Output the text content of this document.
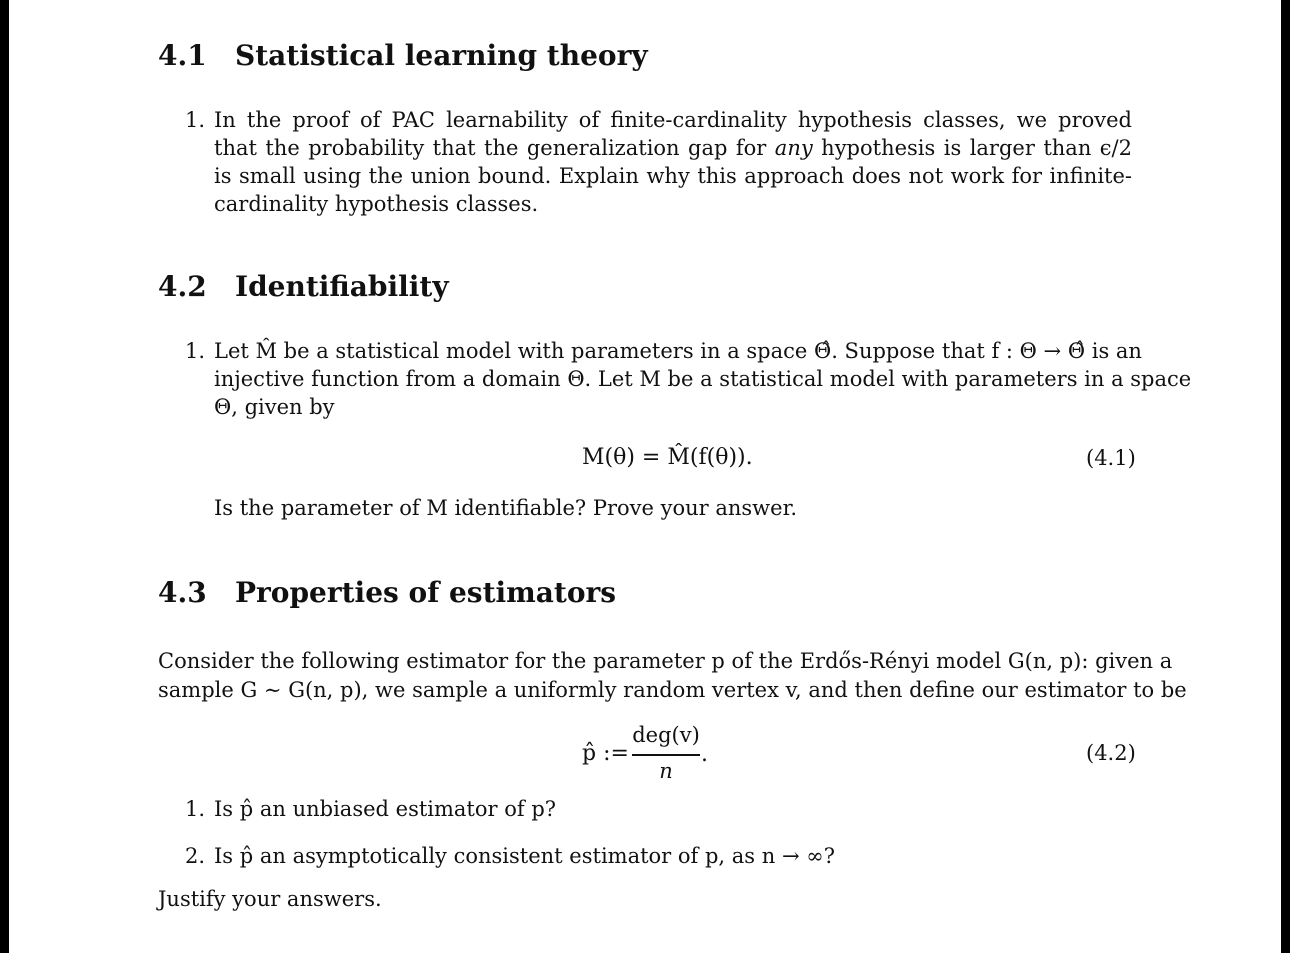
4.1 Statistical learning theory
1. In the proof of PAC learnability of finite-cardinality hypothesis classes, we proved that the probability that the generalization gap for any hypothesis is larger than ϵ/2 is small using the union bound. Explain why this approach does not work for infinite-cardinality hypothesis classes.
4.2 Identifiability
1. Let M̂ be a statistical model with parameters in a space Θ̂. Suppose that f : Θ → Θ̂ is an
injective function from a domain Θ. Let M be a statistical model with parameters in a space
Θ, given by
M(θ) = M̂(f(θ)).	(4.1)
Is the parameter of M identifiable? Prove your answer.
4.3 Properties of estimators
Consider the following estimator for the parameter p of the Erdős-Rényi model G(n, p): given a
sample G ∼ G(n, p), we sample a uniformly random vertex v, and then define our estimator to be
p̂ :=
deg(v)
n
.	(4.2)
1. Is p̂ an unbiased estimator of p?
2. Is p̂ an asymptotically consistent estimator of p, as n → ∞?
Justify your answers.
